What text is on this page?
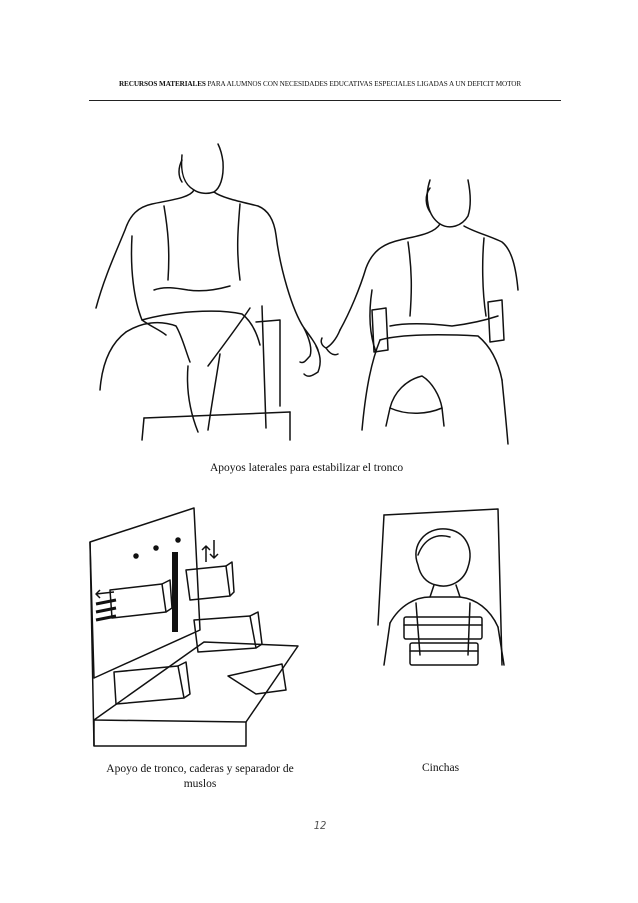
RECURSOS MATERIALES PARA ALUMNOS CON NECESIDADES EDUCATIVAS ESPECIALES LIGADAS A UN DEFICIT MOTOR
Apoyos laterales para estabilizar el tronco
Apoyo de tronco, caderas y separador de muslos
Cinchas
12
